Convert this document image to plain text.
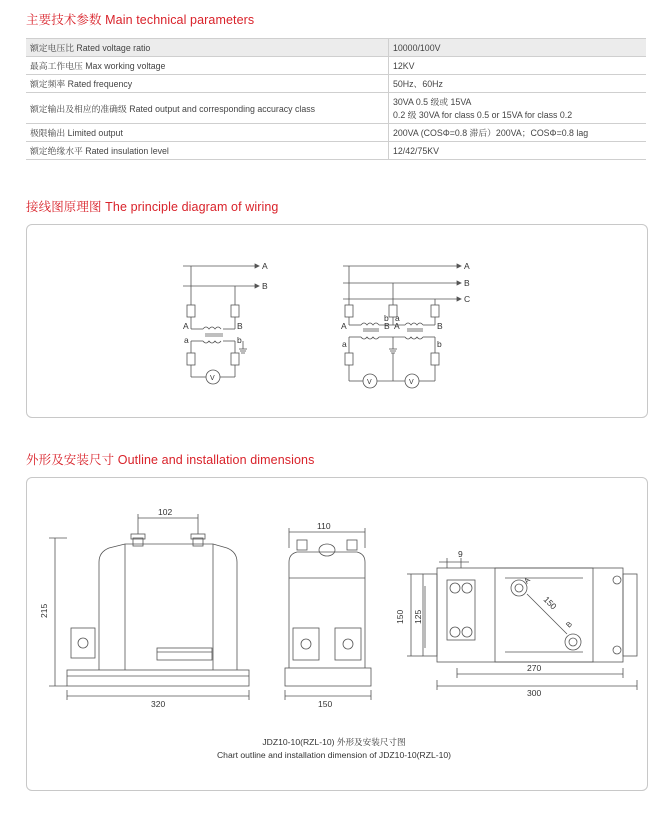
主要技术参数 Main technical parameters
额定电压比 Rated voltage ratio	10000/100V

最高工作电压 Max working voltage	12KV

额定频率 Rated frequency	50Hz、60Hz

额定输出及相应的准确级 Rated output and corresponding accuracy class	30VA 0.5 级或 15VA
0.2 级 30VA for class 0.5 or 15VA for class 0.2

极限输出 Limited output	200VA (COSΦ=0.8 滞后）200VA；COSΦ=0.8 lag

额定绝缘水平 Rated insulation level	12/42/75KV
接线图原理图 The principle diagram of wiring
A
B
A	B
a	b
V
A
B
C
A	B A	B
a
b a
b
V	V
外形及安装尺寸 Outline and installation dimensions
102
215
320
110
150
9
150 125
150
270
300
A
B
JDZ10-10(RZL-10) 外形及安装尺寸图
Chart outline and installation dimension of JDZ10-10(RZL-10)
